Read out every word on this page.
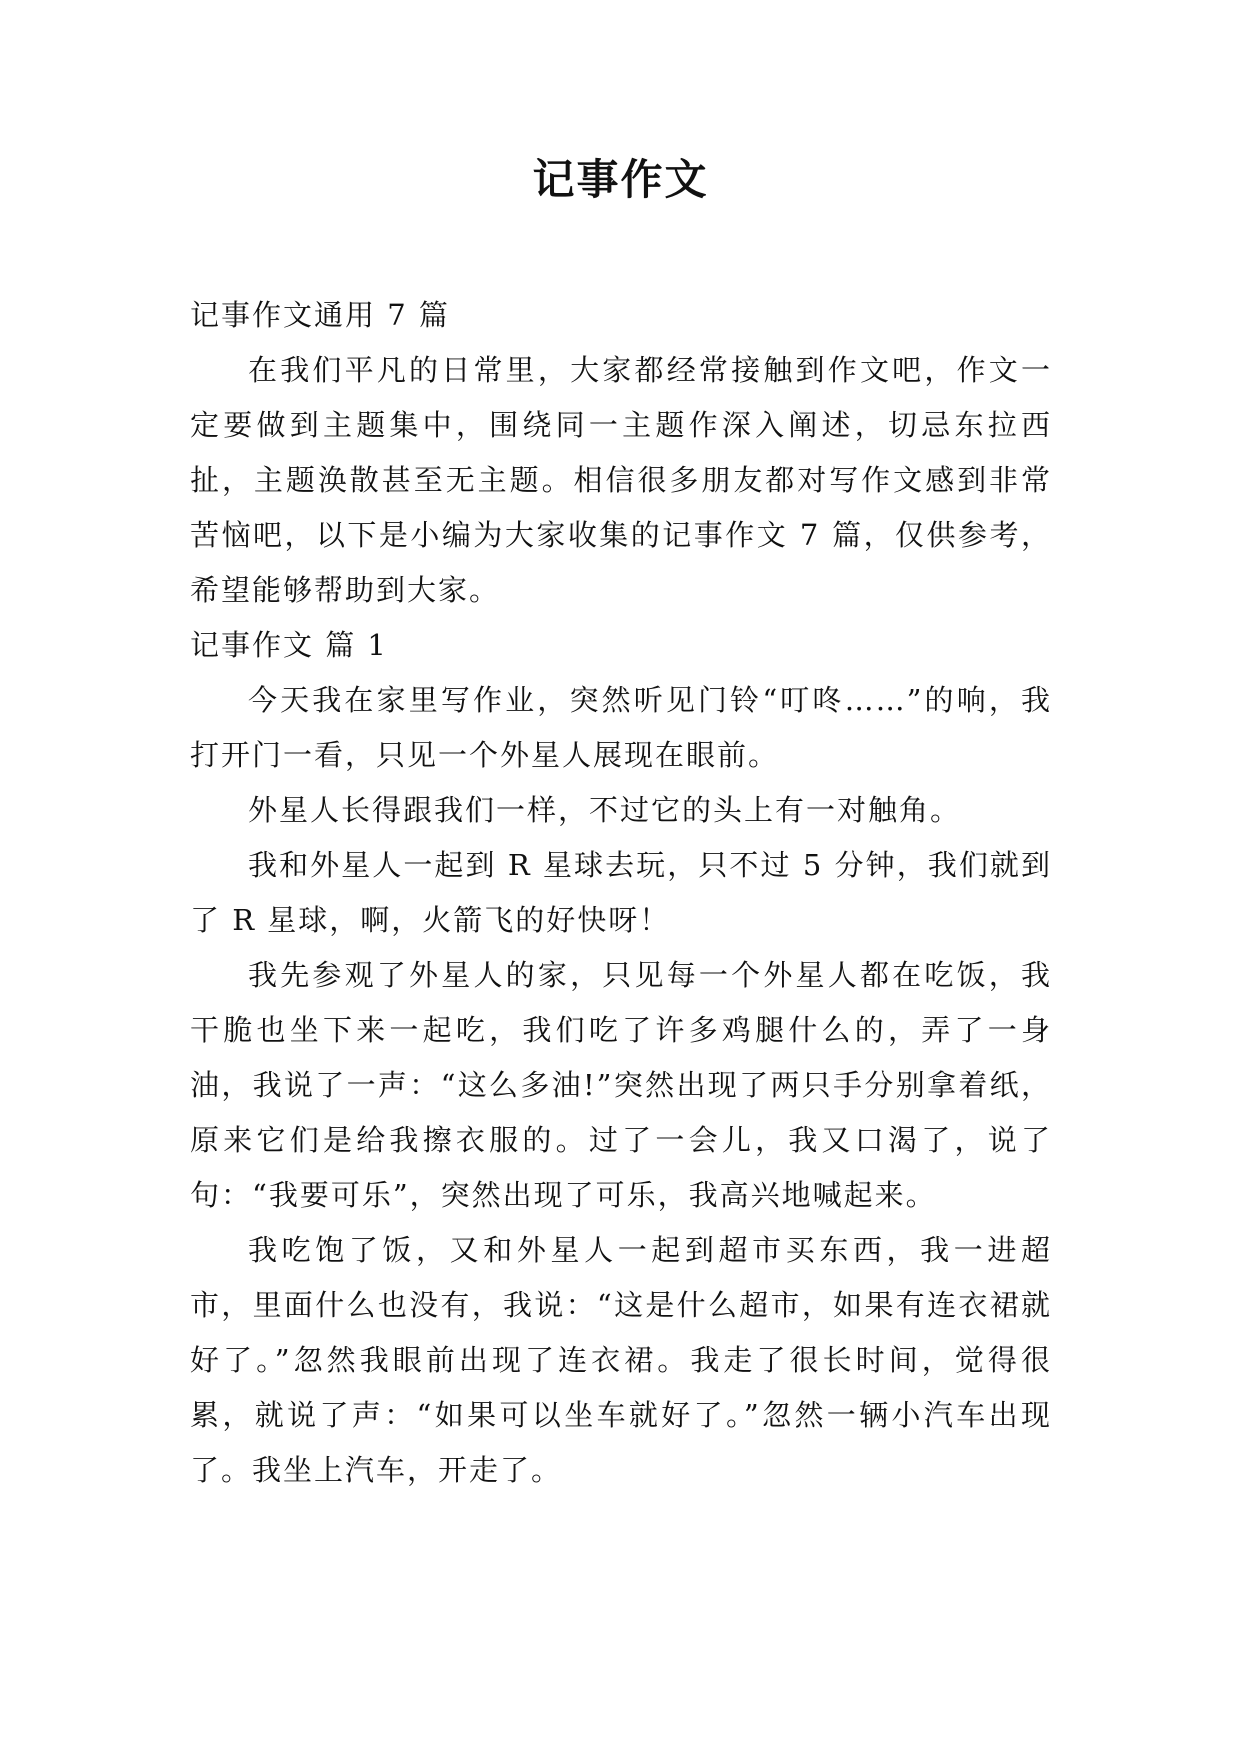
记事作文

记事作文通用 7 篇

在我们平凡的日常里，大家都经常接触到作文吧，作文一定要做到主题集中，围绕同一主题作深入阐述，切忌东拉西扯，主题涣散甚至无主题。相信很多朋友都对写作文感到非常苦恼吧，以下是小编为大家收集的记事作文 7 篇，仅供参考，希望能够帮助到大家。

记事作文 篇 1

今天我在家里写作业，突然听见门铃“叮咚……”的响，我打开门一看，只见一个外星人展现在眼前。

外星人长得跟我们一样，不过它的头上有一对触角。

我和外星人一起到 R 星球去玩，只不过 5 分钟，我们就到了 R 星球，啊，火箭飞的好快呀！

我先参观了外星人的家，只见每一个外星人都在吃饭，我干脆也坐下来一起吃，我们吃了许多鸡腿什么的，弄了一身油，我说了一声：“这么多油!”突然出现了两只手分别拿着纸，原来它们是给我擦衣服的。过了一会儿，我又口渴了，说了句：“我要可乐”，突然出现了可乐，我高兴地喊起来。

我吃饱了饭，又和外星人一起到超市买东西，我一进超市，里面什么也没有，我说：“这是什么超市，如果有连衣裙就好了。”忽然我眼前出现了连衣裙。我走了很长时间，觉得很累，就说了声：“如果可以坐车就好了。”忽然一辆小汽车出现了。我坐上汽车，开走了。
